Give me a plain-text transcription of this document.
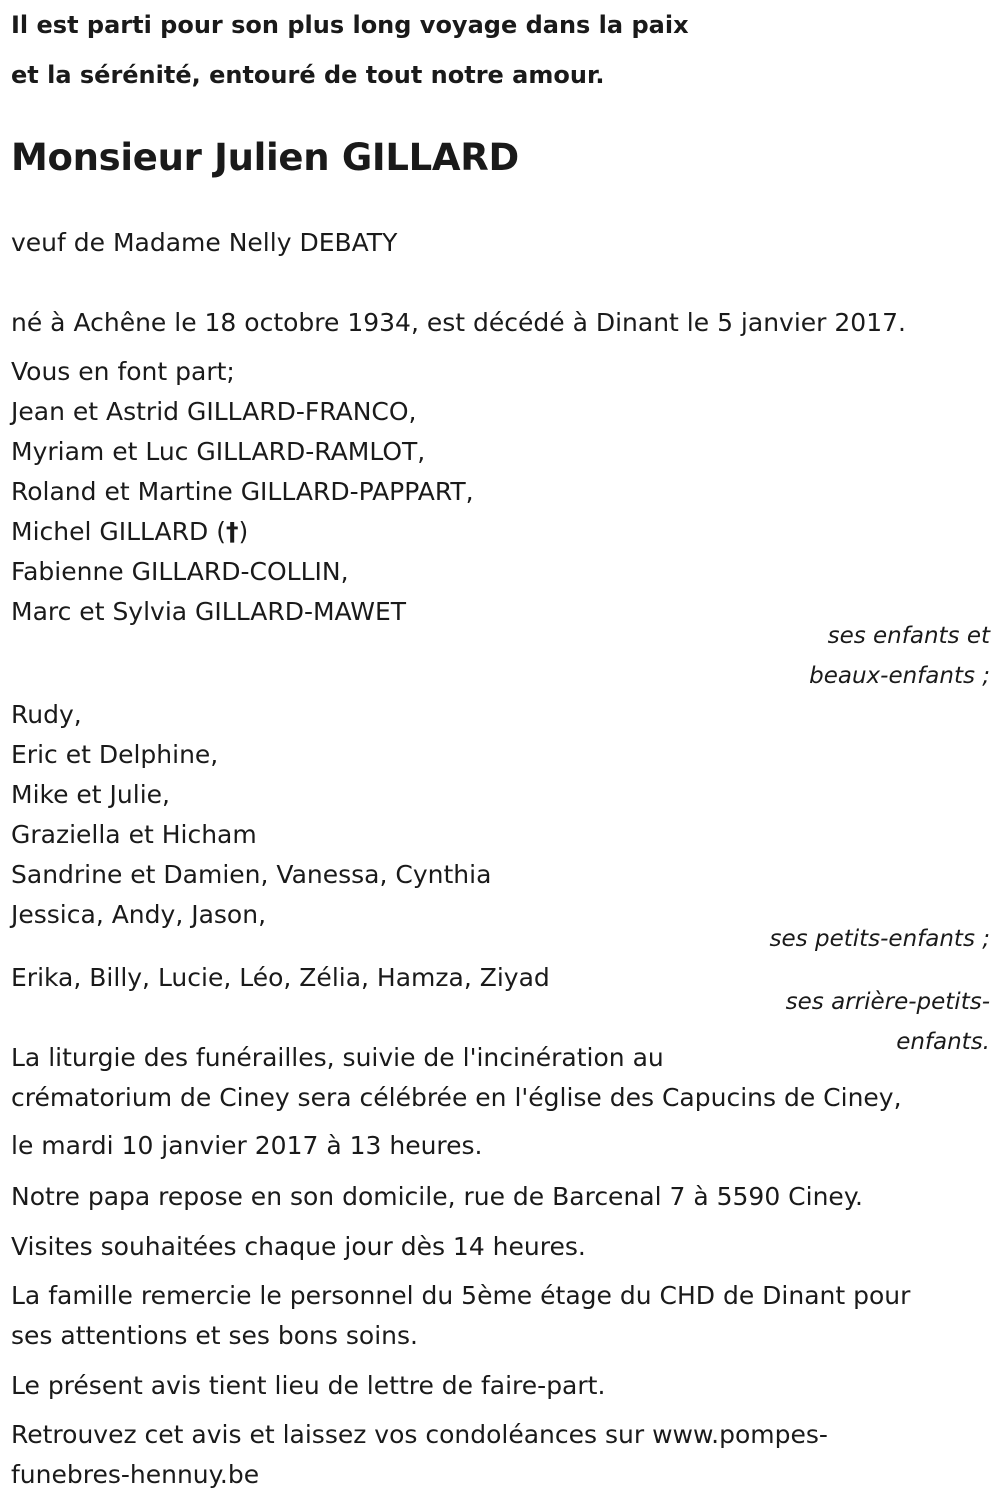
Il est parti pour son plus long voyage dans la paix
et la sérénité, entouré de tout notre amour.
Monsieur Julien GILLARD
veuf de Madame Nelly DEBATY
né à Achêne le 18 octobre 1934, est décédé à Dinant le 5 janvier 2017.
Vous en font part;
Jean et Astrid GILLARD-FRANCO,
Myriam et Luc GILLARD-RAMLOT,
Roland et Martine GILLARD-PAPPART,
Michel GILLARD (†)
Fabienne GILLARD-COLLIN,
Marc et Sylvia GILLARD-MAWET
ses enfants et
beaux-enfants ;
Rudy,
Eric et Delphine,
Mike et Julie,
Graziella et Hicham
Sandrine et Damien, Vanessa, Cynthia
Jessica, Andy, Jason,
ses petits-enfants ;
Erika, Billy, Lucie, Léo, Zélia, Hamza, Ziyad
ses arrière-petits-
enfants.
La liturgie des funérailles, suivie de l'incinération au
crématorium de Ciney sera célébrée en l'église des Capucins de Ciney,
le mardi 10 janvier 2017 à 13 heures.
Notre papa repose en son domicile, rue de Barcenal 7 à 5590 Ciney.
Visites souhaitées chaque jour dès 14 heures.
La famille remercie le personnel du 5ème étage du CHD de Dinant pour
ses attentions et ses bons soins.
Le présent avis tient lieu de lettre de faire-part.
Retrouvez cet avis et laissez vos condoléances sur www.pompes-
funebres-hennuy.be
